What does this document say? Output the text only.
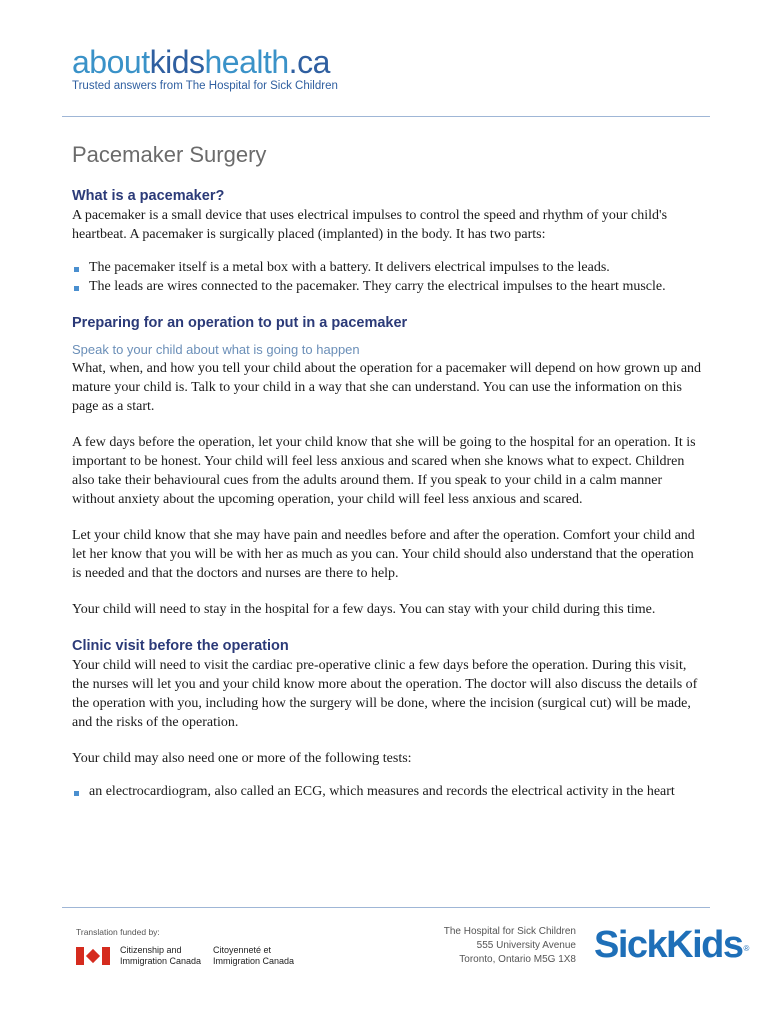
aboutkidshealth.ca
Trusted answers from The Hospital for Sick Children
Pacemaker Surgery
What is a pacemaker?

A pacemaker is a small device that uses electrical impulses to control the speed and rhythm of your child's heartbeat. A pacemaker is surgically placed (implanted) in the body. It has two parts:

The pacemaker itself is a metal box with a battery. It delivers electrical impulses to the leads.
The leads are wires connected to the pacemaker. They carry the electrical impulses to the heart muscle.
Preparing for an operation to put in a pacemaker
Speak to your child about what is going to happen

What, when, and how you tell your child about the operation for a pacemaker will depend on how grown up and mature your child is. Talk to your child in a way that she can understand. You can use the information on this page as a start.

A few days before the operation, let your child know that she will be going to the hospital for an operation. It is important to be honest. Your child will feel less anxious and scared when she knows what to expect. Children also take their behavioural cues from the adults around them. If you speak to your child in a calm manner without anxiety about the upcoming operation, your child will feel less anxious and scared.

Let your child know that she may have pain and needles before and after the operation. Comfort your child and let her know that you will be with her as much as you can. Your child should also understand that the operation is needed and that the doctors and nurses are there to help.

Your child will need to stay in the hospital for a few days. You can stay with your child during this time.

Clinic visit before the operation

Your child will need to visit the cardiac pre-operative clinic a few days before the operation. During this visit, the nurses will let you and your child know more about the operation. The doctor will also discuss the details of the operation with you, including how the surgery will be done, where the incision (surgical cut) will be made, and the risks of the operation.

Your child may also need one or more of the following tests:

an electrocardiogram, also called an ECG, which measures and records the electrical activity in the heart
Translation funded by:
Citizenship and
Immigration Canada
Citoyenneté et
Immigration Canada
The Hospital for Sick Children
555 University Avenue
Toronto, Ontario M5G 1X8 SickKids®
